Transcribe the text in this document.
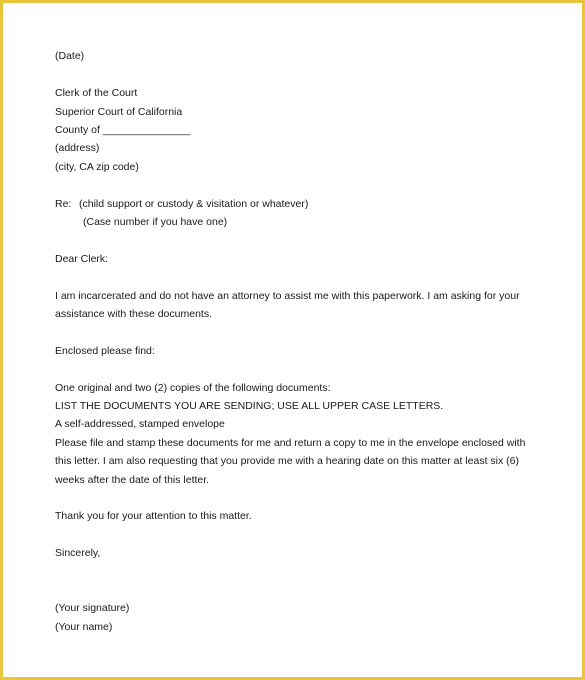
(Date)
Clerk of the Court
Superior Court of California
County of _______________
(address)
(city, CA zip code)
Re: (child support or custody & visitation or whatever)
(Case number if you have one)
Dear Clerk:
I am incarcerated and do not have an attorney to assist me with this paperwork. I am asking for your
assistance with these documents.
Enclosed please find:
One original and two (2) copies of the following documents:
LIST THE DOCUMENTS YOU ARE SENDING; USE ALL UPPER CASE LETTERS.
A self-addressed, stamped envelope
Please file and stamp these documents for me and return a copy to me in the envelope enclosed with
this letter. I am also requesting that you provide me with a hearing date on this matter at least six (6)
weeks after the date of this letter.
Thank you for your attention to this matter.
Sincerely,
(Your signature)
(Your name)
